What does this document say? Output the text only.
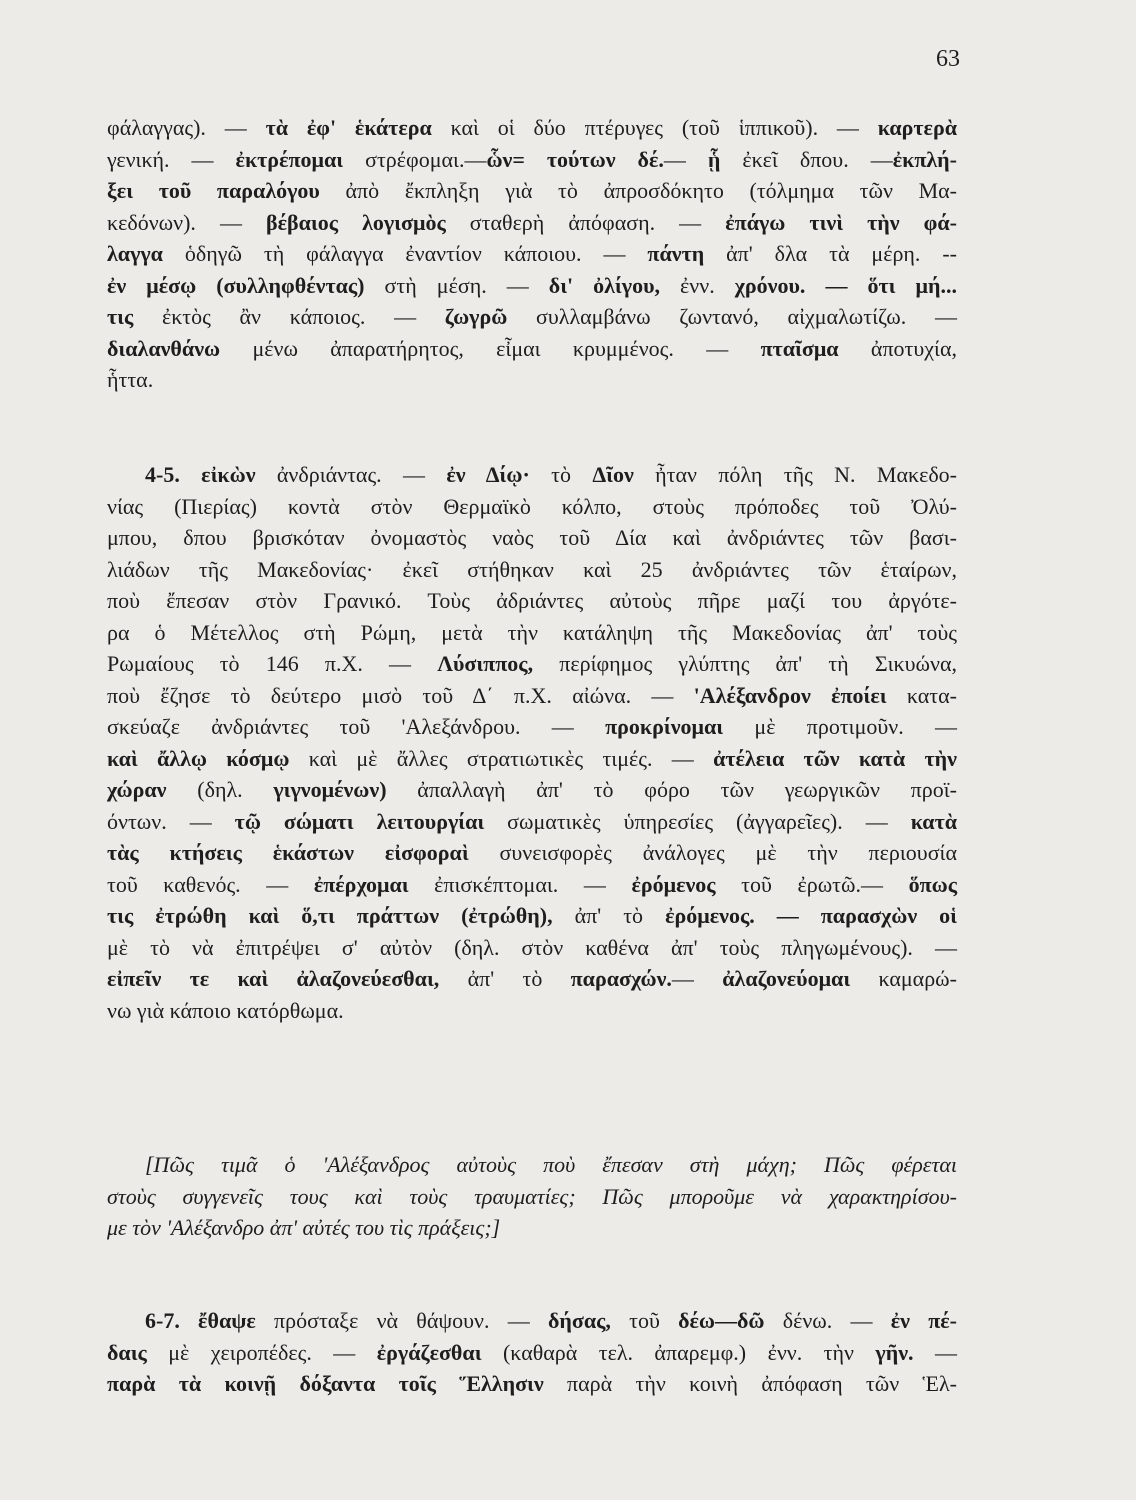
63
φάλαγγας). — τὰ ἐφ' ἑκάτερα καὶ οἱ δύο πτέρυγες (τοῦ ἱππικοῦ). — καρτερὰ
γενική. — ἐκτρέπομαι στρέφομαι.—ὧν= τούτων δέ.— ᾗ ἐκεῖ δπου. —ἐκπλή-
ξει τοῦ παραλόγου ἀπὸ ἔκπληξη γιὰ τὸ ἀπροσδόκητο (τόλμημα τῶν Μα-
κεδόνων). — βέβαιος λογισμὸς σταθερὴ ἀπόφαση. — ἐπάγω τινὶ τὴν φά-
λαγγα ὁδηγῶ τὴ φάλαγγα ἐναντίον κάποιου. — πάντη ἀπ' δλα τὰ μέρη. --
ἐν μέσῳ (συλληφθέντας) στὴ μέση. — δι' ὀλίγου, ἐνν. χρόνου. — ὅτι μή...
τις ἐκτὸς ἂν κάποιος. — ζωγρῶ συλλαμβάνω ζωντανό, αἰχμαλωτίζω. —
διαλανθάνω μένω ἀπαρατήρητος, εἶμαι κρυμμένος. — πταῖσμα ἀποτυχία,
ἧττα.
4-5. εἰκὼν ἀνδριάντας. — ἐν Δίῳ· τὸ Δῖον ἦταν πόλη τῆς Ν. Μακεδο-
νίας (Πιερίας) κοντὰ στὸν Θερμαϊκὸ κόλπο, στοὺς πρόποδες τοῦ Ὀλύ-
μπου, δπου βρισκόταν ὀνομαστὸς ναὸς τοῦ Δία καὶ ἀνδριάντες τῶν βασι-
λιάδων τῆς Μακεδονίας· ἐκεῖ στήθηκαν καὶ 25 ἀνδριάντες τῶν ἑταίρων,
ποὺ ἔπεσαν στὸν Γρανικό. Τοὺς ἀδριάντες αὐτοὺς πῆρε μαζί του ἀργότε-
ρα ὁ Μέτελλος στὴ Ρώμη, μετὰ τὴν κατάληψη τῆς Μακεδονίας ἀπ' τοὺς
Ρωμαίους τὸ 146 π.Χ. — Λύσιππος, περίφημος γλύπτης ἀπ' τὴ Σικυώνα,
ποὺ ἔζησε τὸ δεύτερο μισὸ τοῦ Δ΄ π.Χ. αἰώνα. — 'Αλέξανδρον ἐποίει κατα-
σκεύαζε ἀνδριάντες τοῦ 'Αλεξάνδρου. — προκρίνομαι μὲ προτιμοῦν. —
καὶ ἄλλῳ κόσμῳ καὶ μὲ ἄλλες στρατιωτικὲς τιμές. — ἀτέλεια τῶν κατὰ τὴν
χώραν (δηλ. γιγνομένων) ἀπαλλαγὴ ἀπ' τὸ φόρο τῶν γεωργικῶν προϊ-
όντων. — τῷ σώματι λειτουργίαι σωματικὲς ὑπηρεσίες (ἀγγαρεῖες). — κατὰ
τὰς κτήσεις ἑκάστων εἰσφοραὶ συνεισφορὲς ἀνάλογες μὲ τὴν περιουσία
τοῦ καθενός. — ἐπέρχομαι ἐπισκέπτομαι. — ἐρόμενος τοῦ ἐρωτῶ.— ὅπως
τις ἐτρώθη καὶ ὅ,τι πράττων (ἐτρώθη), ἀπ' τὸ ἐρόμενος. — παρασχὼν οἱ
μὲ τὸ νὰ ἐπιτρέψει σ' αὐτὸν (δηλ. στὸν καθένα ἀπ' τοὺς πληγωμένους). —
εἰπεῖν τε καὶ ἀλαζονεύεσθαι, ἀπ' τὸ παρασχών.— ἀλαζονεύομαι καμαρώ-
νω γιὰ κάποιο κατόρθωμα.
[Πῶς τιμᾶ ὁ 'Αλέξανδρος αὐτοὺς ποὺ ἔπεσαν στὴ μάχη; Πῶς φέρεται
στοὺς συγγενεῖς τους καὶ τοὺς τραυματίες; Πῶς μποροῦμε νὰ χαρακτηρίσου-
με τὸν 'Αλέξανδρο ἀπ' αὐτές του τὶς πράξεις;]
6-7. ἔθαψε πρόσταξε νὰ θάψουν. — δήσας, τοῦ δέω—δῶ δένω. — ἐν πέ-
δαις μὲ χειροπέδες. — ἐργάζεσθαι (καθαρὰ τελ. ἀπαρεμφ.) ἐνν. τὴν γῆν. —
παρὰ τὰ κοινῇ δόξαντα τοῖς Ἕλλησιν παρὰ τὴν κοινὴ ἀπόφαση τῶν Ἑλ-
